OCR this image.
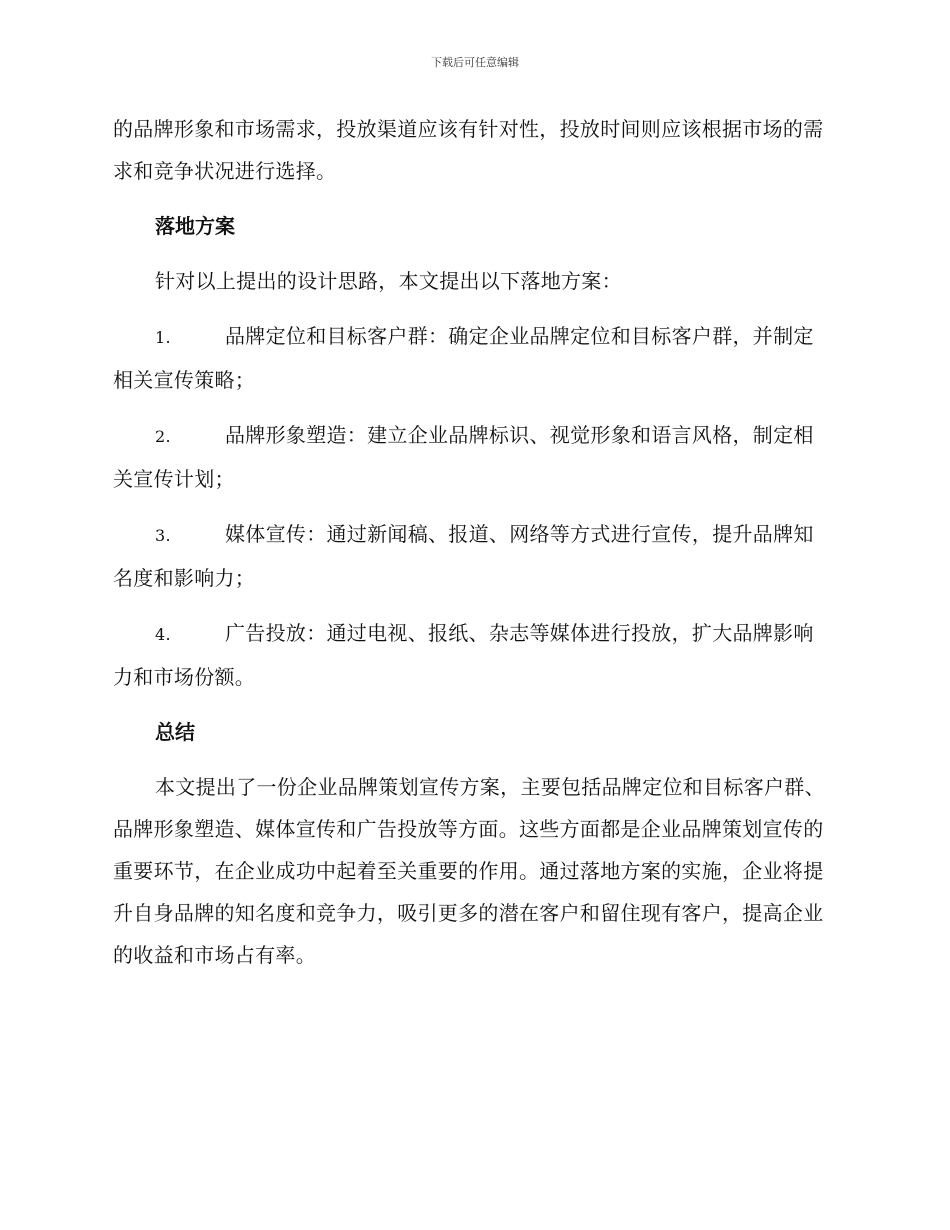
下载后可任意编辑

的品牌形象和市场需求，投放渠道应该有针对性，投放时间则应该根据市场的需求和竞争状况进行选择。

落地方案

针对以上提出的设计思路，本文提出以下落地方案：

1.	品牌定位和目标客户群：确定企业品牌定位和目标客户群，并制定相关宣传策略；

2.	品牌形象塑造：建立企业品牌标识、视觉形象和语言风格，制定相关宣传计划；

3.	媒体宣传：通过新闻稿、报道、网络等方式进行宣传，提升品牌知名度和影响力；

4.	广告投放：通过电视、报纸、杂志等媒体进行投放，扩大品牌影响力和市场份额。

总结

本文提出了一份企业品牌策划宣传方案，主要包括品牌定位和目标客户群、品牌形象塑造、媒体宣传和广告投放等方面。这些方面都是企业品牌策划宣传的重要环节，在企业成功中起着至关重要的作用。通过落地方案的实施，企业将提升自身品牌的知名度和竞争力，吸引更多的潜在客户和留住现有客户，提高企业的收益和市场占有率。
